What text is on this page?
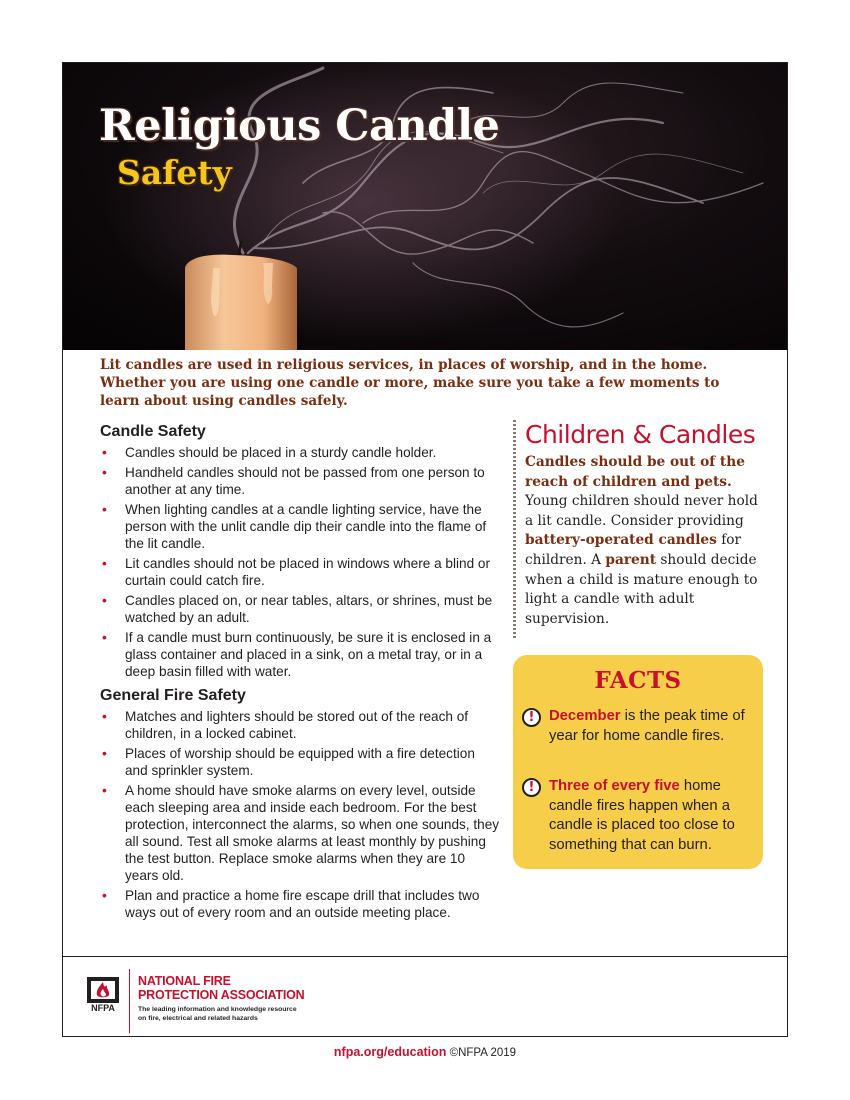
Religious Candle
Safety

Lit candles are used in religious services, in places of worship, and in the home. Whether you are using one candle or more, make sure you take a few moments to learn about using candles safely.

Candle Safety
• Candles should be placed in a sturdy candle holder.
• Handheld candles should not be passed from one person to another at any time.
• When lighting candles at a candle lighting service, have the person with the unlit candle dip their candle into the flame of the lit candle.
• Lit candles should not be placed in windows where a blind or curtain could catch fire.
• Candles placed on, or near tables, altars, or shrines, must be watched by an adult.
• If a candle must burn continuously, be sure it is enclosed in a glass container and placed in a sink, on a metal tray, or in a deep basin filled with water.
General Fire Safety
• Matches and lighters should be stored out of the reach of children, in a locked cabinet.
• Places of worship should be equipped with a fire detection and sprinkler system.
• A home should have smoke alarms on every level, outside each sleeping area and inside each bedroom. For the best protection, interconnect the alarms, so when one sounds, they all sound. Test all smoke alarms at least monthly by pushing the test button. Replace smoke alarms when they are 10 years old.
• Plan and practice a home fire escape drill that includes two ways out of every room and an outside meeting place.
Children & Candles

Candles should be out of the reach of children and pets. Young children should never hold a lit candle. Consider providing battery-operated candles for children. A parent should decide when a child is mature enough to light a candle with adult supervision.

FACTS
! December is the peak time of year for home candle fires.
! Three of every five home candle fires happen when a candle is placed too close to something that can burn.
NFPA
NATIONAL FIRE
PROTECTION ASSOCIATION
The leading information and knowledge resource
on fire, electrical and related hazards
nfpa.org/education ©NFPA 2019
